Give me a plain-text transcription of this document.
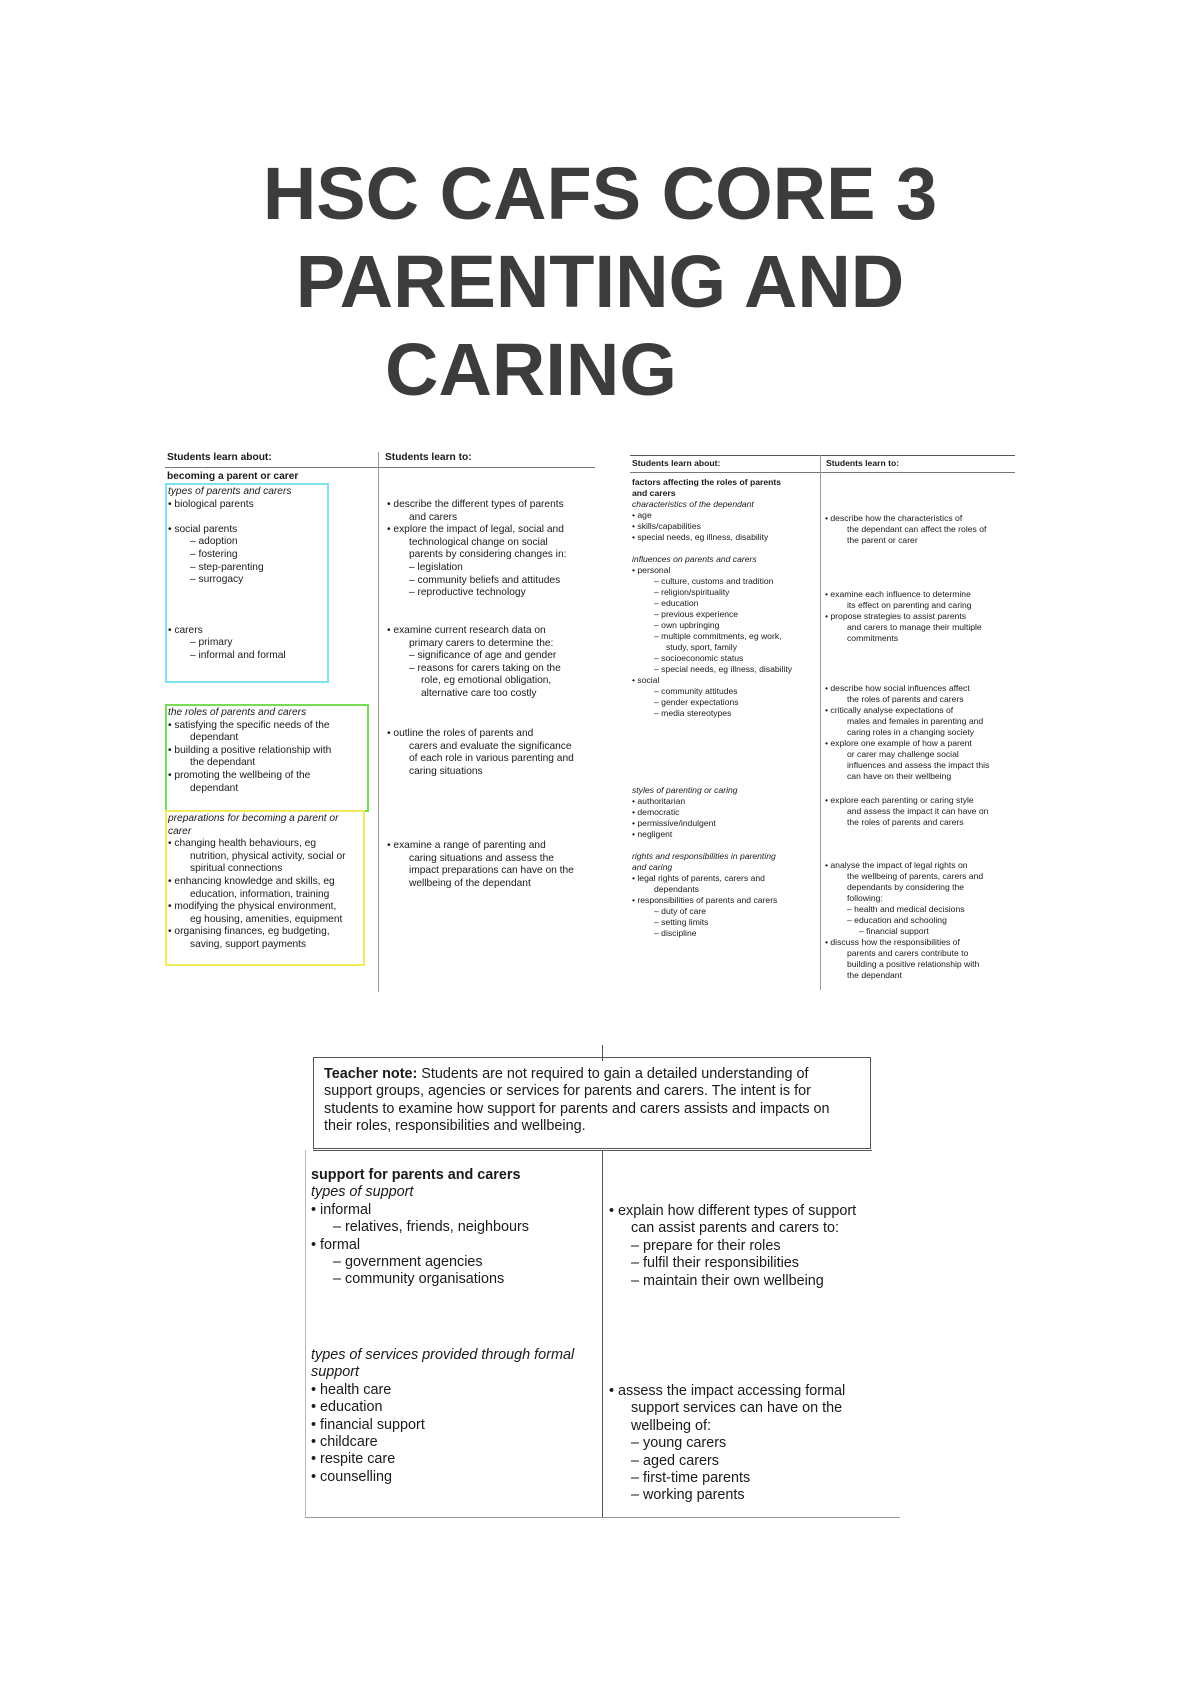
HSC CAFS CORE 3
PARENTING AND

CARING
Students learn about:	Students learn to:
becoming a parent or carer
types of parents and carers
• biological parents

• social parents
– adoption
– fostering
– step-parenting
– surrogacy

• carers
– primary
– informal and formal
the roles of parents and carers
• satisfying the specific needs of the
dependant
• building a positive relationship with
the dependant
• promoting the wellbeing of the
dependant
preparations for becoming a parent or
carer
• changing health behaviours, eg
nutrition, physical activity, social or
spiritual connections
• enhancing knowledge and skills, eg
education, information, training
• modifying the physical environment,
eg housing, amenities, equipment
• organising finances, eg budgeting,
saving, support payments
• describe the different types of parents
and carers
• explore the impact of legal, social and
technological change on social
parents by considering changes in:
– legislation
– community beliefs and attitudes
– reproductive technology
• examine current research data on
primary carers to determine the:
– significance of age and gender
– reasons for carers taking on the
role, eg emotional obligation,
alternative care too costly
• outline the roles of parents and
carers and evaluate the significance
of each role in various parenting and
caring situations
• examine a range of parenting and
caring situations and assess the
impact preparations can have on the
wellbeing of the dependant
Students learn about:	Students learn to:
factors affecting the roles of parents
and carers
characteristics of the dependant
• age
• skills/capabilities
• special needs, eg illness, disability

influences on parents and carers
• personal
– culture, customs and tradition
– religion/spirituality
– education
– previous experience
– own upbringing
– multiple commitments, eg work,
study, sport, family
– socioeconomic status
– special needs, eg illness, disability
• social
– community attitudes
– gender expectations
– media stereotypes
styles of parenting or caring
• authoritarian
• democratic
• permissive/indulgent
• negligent

rights and responsibilities in parenting
and caring
• legal rights of parents, carers and
dependants
• responsibilities of parents and carers
– duty of care
– setting limits
– discipline
• describe how the characteristics of
the dependant can affect the roles of
the parent or carer
• examine each influence to determine
its effect on parenting and caring
• propose strategies to assist parents
and carers to manage their multiple
commitments
• describe how social influences affect
the roles of parents and carers
• critically analyse expectations of
males and females in parenting and
caring roles in a changing society
• explore one example of how a parent
or carer may challenge social
influences and assess the impact this
can have on their wellbeing
• explore each parenting or caring style
and assess the impact it can have on
the roles of parents and carers
• analyse the impact of legal rights on
the wellbeing of parents, carers and
dependants by considering the
following:
– health and medical decisions
– education and schooling
– financial support
• discuss how the responsibilities of
parents and carers contribute to
building a positive relationship with
the dependant
Teacher note: Students are not required to gain a detailed understanding of
support groups, agencies or services for parents and carers. The intent is for
students to examine how support for parents and carers assists and impacts on
their roles, responsibilities and wellbeing.
support for parents and carers
types of support
• informal
– relatives, friends, neighbours
• formal
– government agencies
– community organisations
types of services provided through formal
support
• health care
• education
• financial support
• childcare
• respite care
• counselling
• explain how different types of support
can assist parents and carers to:
– prepare for their roles
– fulfil their responsibilities
– maintain their own wellbeing
• assess the impact accessing formal
support services can have on the
wellbeing of:
– young carers
– aged carers
– first-time parents
– working parents
